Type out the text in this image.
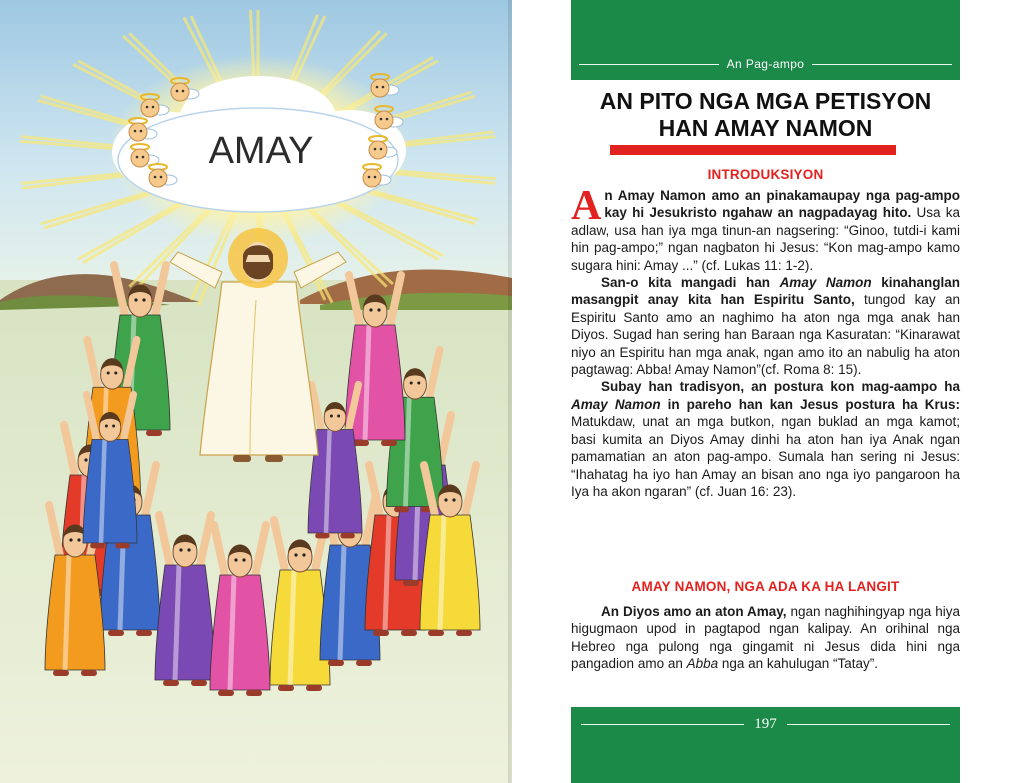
AMAY
An Pag-ampo
AN PITO NGA MGA PETISYON
HAN AMAY NAMON
INTRODUKSIYON

An Amay Namon amo an pinakamaupay nga pag-ampo kay hi Jesukristo ngahaw an nagpadayag hito. Usa ka adlaw, usa han iya mga tinun-an nagsering: “Ginoo, tutdi-i kami hin pag-ampo;” ngan nagbaton hi Jesus: “Kon mag-ampo kamo sugara hini: Amay ...” (cf. Lukas 11: 1-2).

San-o kita mangadi han Amay Namon kinahanglan masangpit anay kita han Espiritu Santo, tungod kay an Espiritu Santo amo an naghimo ha aton nga mga anak han Diyos. Sugad han sering han Baraan nga Kasuratan: “Kinarawat niyo an Espiritu han mga anak, ngan amo ito an nabulig ha aton pagtawag: Abba! Amay Namon”(cf. Roma 8: 15).

Subay han tradisyon, an postura kon mag-aampo ha Amay Namon in pareho han kan Jesus postura ha Krus: Matukdaw, unat an mga butkon, ngan buklad an mga kamot; basi kumita an Diyos Amay dinhi ha aton han iya Anak ngan pamamatian an aton pag-ampo. Sumala han sering ni Jesus: “Ihahatag ha iyo han Amay an bisan ano nga iyo pangaroon ha Iya ha akon ngaran” (cf. Juan 16: 23).

AMAY NAMON, NGA ADA KA HA LANGIT

An Diyos amo an aton Amay, ngan naghihingyap nga hiya higugmaon upod in pagtapod ngan kalipay. An orihinal nga Hebreo nga pulong nga gingamit ni Jesus dida hini nga pangadion amo an Abba nga an kahulugan “Tatay”.

197
